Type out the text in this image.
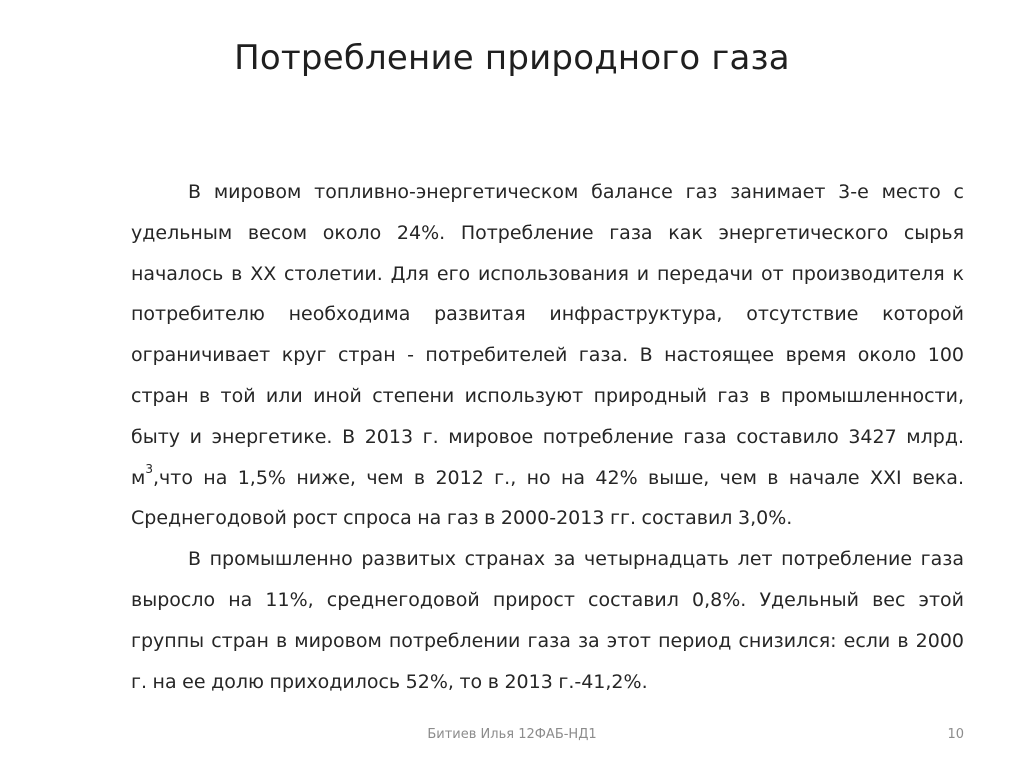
Потребление природного газа
В мировом топливно-энергетическом балансе газ занимает 3-е место с
удельным весом около 24%. Потребление газа как энергетического сырья
началось в XX столетии. Для его использования и передачи от производителя к
потребителю необходима развитая инфраструктура, отсутствие которой
ограничивает круг стран - потребителей газа. В настоящее время около 100
стран в той или иной степени используют природный газ в промышленности,
быту и энергетике. В 2013 г. мировое потребление газа составило 3427 млрд.
$м^3,что$ на 1,5% ниже, чем в 2012 г., но на 42% выше, чем в начале XXI века.
Среднегодовой рост спроса на газ в 2000-2013 гг. составил 3,0%.
В промышленно развитых странах за четырнадцать лет потребление газа
выросло на 11%, среднегодовой прирост составил 0,8%. Удельный вес этой
группы стран в мировом потреблении газа за этот период снизился: если в 2000
г. на ее долю приходилось 52%, то в 2013 г.-41,2%.
Битиев Илья 12ФАБ-НД1	10
